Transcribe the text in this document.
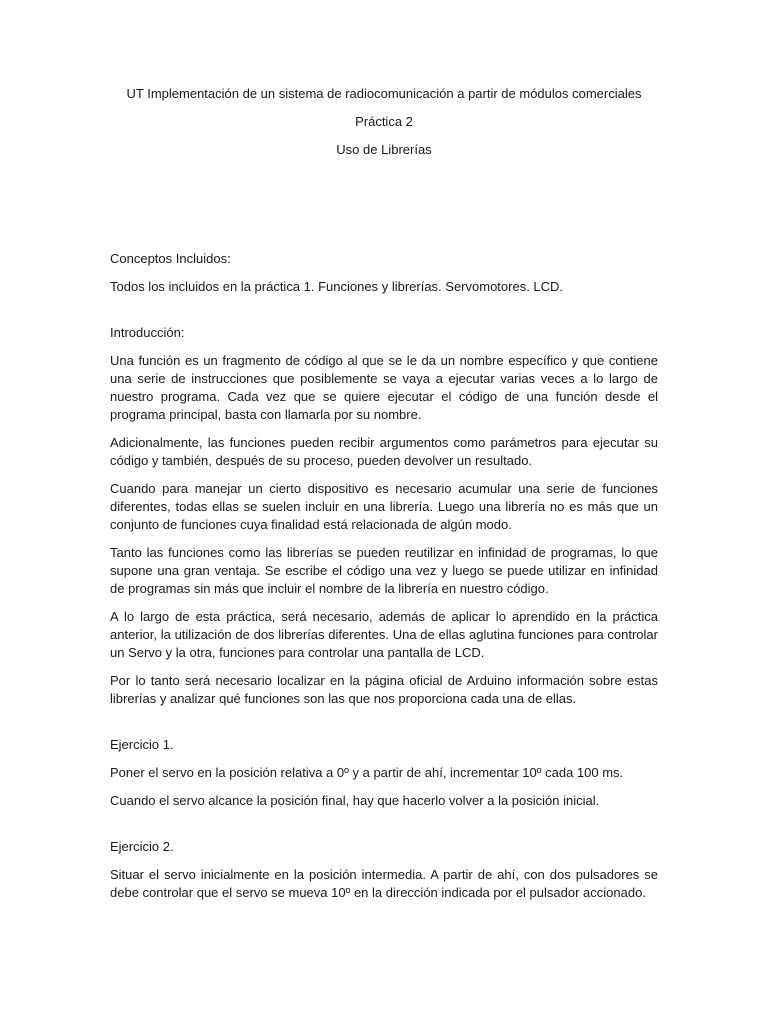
UT Implementación de un sistema de radiocomunicación a partir de módulos comerciales

Práctica 2

Uso de Librerías

Conceptos Incluidos:

Todos los incluidos en la práctica 1. Funciones y librerías. Servomotores. LCD.

Introducción:

Una función es un fragmento de código al que se le da un nombre específico y que contiene una serie de instrucciones que posiblemente se vaya a ejecutar varias veces a lo largo de nuestro programa. Cada vez que se quiere ejecutar el código de una función desde el programa principal, basta con llamarla por su nombre.

Adicionalmente, las funciones pueden recibir argumentos como parámetros para ejecutar su código y también, después de su proceso, pueden devolver un resultado.

Cuando para manejar un cierto dispositivo es necesario acumular una serie de funciones diferentes, todas ellas se suelen incluir en una librería. Luego una librería no es más que un conjunto de funciones cuya finalidad está relacionada de algún modo.

Tanto las funciones como las librerías se pueden reutilizar en infinidad de programas, lo que supone una gran ventaja. Se escribe el código una vez y luego se puede utilizar en infinidad de programas sin más que incluir el nombre de la librería en nuestro código.

A lo largo de esta práctica, será necesario, además de aplicar lo aprendido en la práctica anterior, la utilización de dos librerías diferentes. Una de ellas aglutina funciones para controlar un Servo y la otra, funciones para controlar una pantalla de LCD.

Por lo tanto será necesario localizar en la página oficial de Arduino información sobre estas librerías y analizar qué funciones son las que nos proporciona cada una de ellas.

Ejercicio 1.

Poner el servo en la posición relativa a 0º y a partir de ahí, incrementar 10º cada 100 ms.

Cuando el servo alcance la posición final, hay que hacerlo volver a la posición inicial.

Ejercicio 2.

Situar el servo inicialmente en la posición intermedia. A partir de ahí, con dos pulsadores se debe controlar que el servo se mueva 10º en la dirección indicada por el pulsador accionado.
